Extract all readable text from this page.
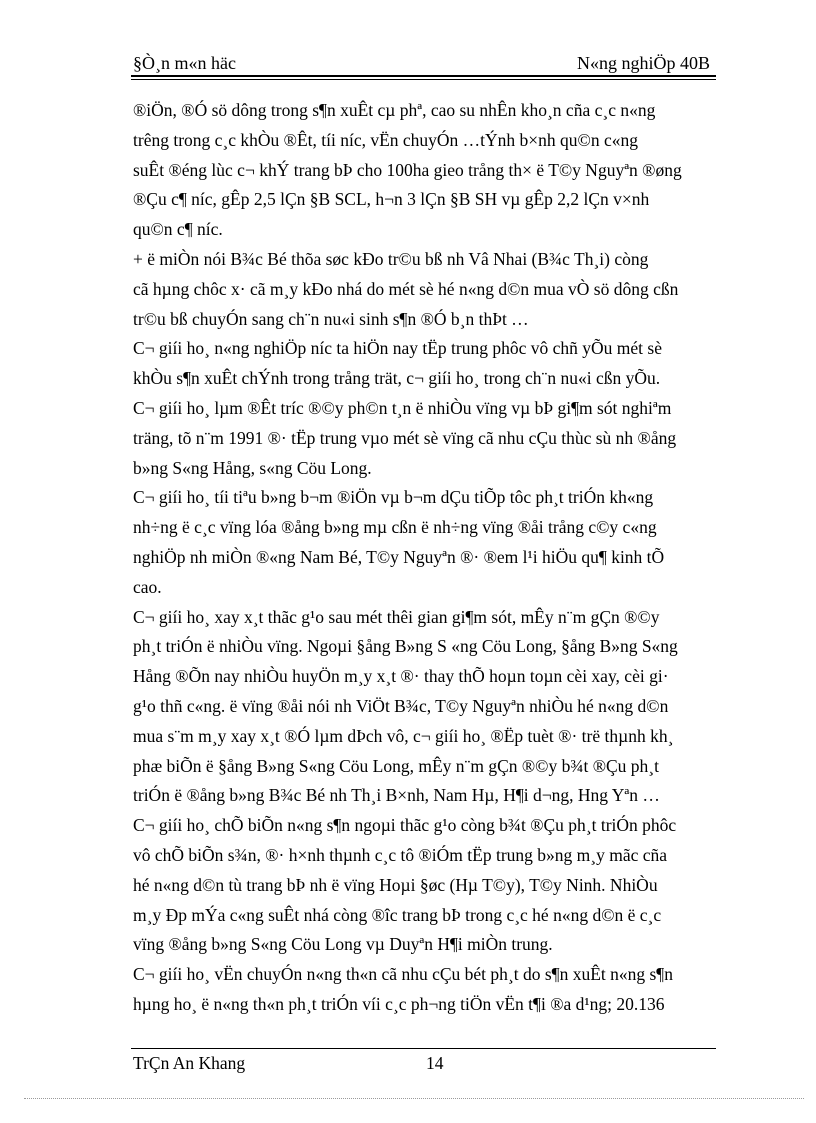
§Ò¸n m«n häc	N«ng nghiÖp 40B
®iÖn, ®Ó sö dông trong s¶n xuÊt cµ phª, cao su nhÊn kho¸n cña c¸c n«ng
trêng trong c¸c khÒu ®Êt, tíi níc, vËn chuyÓn …tÝnh b×nh qu©n c«ng
suÊt ®éng lùc c¬ khÝ trang bÞ cho 100ha gieo trång th× ë T©y Nguyªn ®øng
®Çu c¶ níc, gÊp 2,5 lÇn §B SCL, h¬n 3 lÇn §B SH vµ gÊp 2,2 lÇn v×nh
qu©n c¶ níc.
+ ë miÒn nói B¾c Bé thõa søc kÐo tr©u bß nh Vâ Nhai (B¾c Th¸i) còng
cã hµng chôc x· cã m¸y kÐo nhá do mét sè hé n«ng d©n mua vÒ sö dông cßn
tr©u bß chuyÓn sang ch¨n nu«i sinh s¶n ®Ó b¸n thÞt …
C¬ giíi ho¸ n«ng nghiÖp níc ta hiÖn nay tËp trung phôc vô chñ yÕu mét sè
khÒu s¶n xuÊt chÝnh trong trång trät, c¬ giíi ho¸ trong ch¨n nu«i cßn yÕu.
C¬ giíi ho¸ lµm ®Êt tríc ®©y ph©n t¸n ë nhiÒu vïng vµ bÞ gi¶m sót nghiªm
träng, tõ n¨m 1991 ®· tËp trung vµo mét sè vïng cã nhu cÇu thùc sù nh ®ång
b»ng S«ng Hång, s«ng Cöu Long.
C¬ giíi ho¸ tíi tiªu b»ng b¬m ®iÖn vµ b¬m dÇu tiÕp tôc ph¸t triÓn kh«ng
nh÷ng ë c¸c vïng lóa ®ång b»ng mµ cßn ë nh÷ng vïng ®åi trång c©y c«ng
nghiÖp nh miÒn ®«ng Nam Bé, T©y Nguyªn ®· ®em l¹i hiÖu qu¶ kinh tÕ
cao.
C¬ giíi ho¸ xay x¸t thãc g¹o sau mét thêi gian gi¶m sót, mÊy n¨m gÇn ®©y
ph¸t triÓn ë nhiÒu vïng. Ngoµi §ång B»ng S «ng Cöu Long, §ång B»ng S«ng
Hång ®Õn nay nhiÒu huyÖn m¸y x¸t ®· thay thÕ hoµn toµn cèi xay, cèi gi·
g¹o thñ c«ng. ë vïng ®åi nói nh ViÖt B¾c, T©y Nguyªn nhiÒu hé n«ng d©n
mua s¨m m¸y xay x¸t ®Ó lµm dÞch vô, c¬ giíi ho¸ ®Ëp tuèt ®· trë thµnh kh¸
phæ biÕn ë §ång B»ng S«ng Cöu Long, mÊy n¨m gÇn ®©y b¾t ®Çu ph¸t
triÓn ë ®ång b»ng B¾c Bé nh Th¸i B×nh, Nam Hµ, H¶i d¬ng, Hng Yªn …
C¬ giíi ho¸ chÕ biÕn n«ng s¶n ngoµi thãc g¹o còng b¾t ®Çu ph¸t triÓn phôc
vô chÕ biÕn s¾n, ®· h×nh thµnh c¸c tô ®iÓm tËp trung b»ng m¸y mãc cña
hé n«ng d©n tù trang bÞ nh ë vïng Hoµi §øc (Hµ T©y), T©y Ninh. NhiÒu
m¸y Ðp mÝa c«ng suÊt nhá còng ®îc trang bÞ trong c¸c hé n«ng d©n ë c¸c
vïng ®ång b»ng S«ng Cöu Long vµ Duyªn H¶i miÒn trung.
C¬ giíi ho¸ vËn chuyÓn n«ng th«n cã nhu cÇu bét ph¸t do s¶n xuÊt n«ng s¶n
hµng ho¸ ë n«ng th«n ph¸t triÓn víi c¸c ph¬ng tiÖn vËn t¶i ®a d¹ng; 20.136
TrÇn An Khang	14
